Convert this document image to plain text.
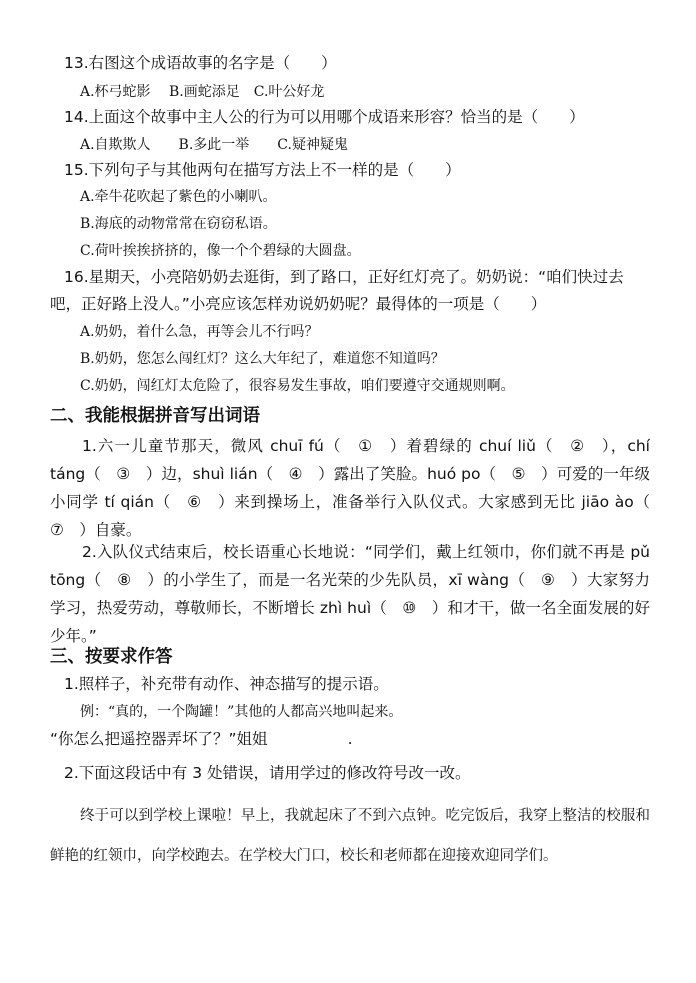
13.右图这个成语故事的名字是（　　）
A.杯弓蛇影　 B.画蛇添足　C.叶公好龙
14.上面这个故事中主人公的行为可以用哪个成语来形容？恰当的是（　　）
A.自欺欺人　　B.多此一举　　C.疑神疑鬼
15.下列句子与其他两句在描写方法上不一样的是（　　）
A.牵牛花吹起了紫色的小喇叭。
B.海底的动物常常在窃窃私语。
C.荷叶挨挨挤挤的，像一个个碧绿的大圆盘。
16.星期天，小亮陪奶奶去逛街，到了路口，正好红灯亮了。奶奶说：“咱们快过去
吧，正好路上没人。”小亮应该怎样劝说奶奶呢？最得体的一项是（　　）
A.奶奶，着什么急，再等会儿不行吗？
B.奶奶，您怎么闯红灯？这么大年纪了，难道您不知道吗？
C.奶奶，闯红灯太危险了，很容易发生事故，咱们要遵守交通规则啊。
二、我能根据拼音写出词语
1.六一儿童节那天，微风 chuī fú（　①　）着碧绿的 chuí liǔ（　②　），chí táng（　③　）边，shuì lián（　④　）露出了笑脸。huó po（　⑤　）可爱的一年级小同学 tí qián（　⑥　）来到操场上，准备举行入队仪式。大家感到无比 jiāo ào（　⑦　）自豪。
2.入队仪式结束后，校长语重心长地说：“同学们，戴上红领巾，你们就不再是 pǔ tōng（　⑧　）的小学生了，而是一名光荣的少先队员，xī wàng（　⑨　）大家努力学习，热爱劳动，尊敬师长，不断增长 zhì huì（　⑩　）和才干，做一名全面发展的好少年。”
三、按要求作答
1.照样子，补充带有动作、神态描写的提示语。
例：“真的，一个陶罐！”其他的人都高兴地叫起来。
“你怎么把遥控器弄坏了？”姐姐	.
2.下面这段话中有 3 处错误，请用学过的修改符号改一改。
终于可以到学校上课啦！早上，我就起床了不到六点钟。吃完饭后，我穿上整洁的校服和鲜艳的红领巾，向学校跑去。在学校大门口，校长和老师都在迎接欢迎同学们。
